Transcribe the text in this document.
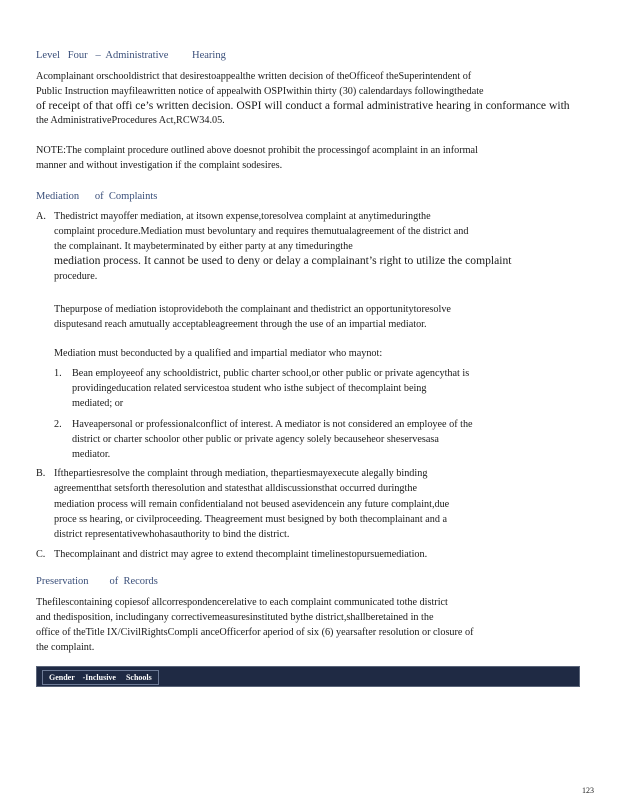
Level   Four   –  Administrative         Hearing
Acomplainant orschooldistrict that desirestoappealthe written decision of theOfficeof theSuperintendent of
Public Instruction mayfileawritten notice of appealwith OSPIwithin thirty (30) calendardays followingthedate
of receipt of that offi ce’s written decision. OSPI will conduct a formal administrative hearing in conformance with
the AdministrativeProcedures Act,RCW34.05.
NOTE:The complaint procedure outlined above doesnot prohibit the processingof acomplaint in an informal
manner and without investigation if the complaint sodesires.
Mediation      of  Complaints
A. Thedistrict mayoffer mediation, at itsown expense,toresolvea complaint at anytimeduringthe
complaint procedure.Mediation must bevoluntary and requires themutualagreement of the district and
the complainant. It maybeterminated by either party at any timeduringthe
mediation process. It cannot be used to deny or delay a complainant’s right to utilize the complaint
procedure.
Thepurpose of mediation istoprovideboth the complainant and thedistrict an opportunitytoresolve
disputesand reach amutually acceptableagreement through the use of an impartial mediator.
Mediation must beconducted by a qualified and impartial mediator who maynot:
1. Bean employeeof any schooldistrict, public charter school,or other public or private agencythat is
providingeducation related servicestoa student who isthe subject of thecomplaint being
mediated; or
2. Haveapersonal or professionalconflict of interest. A mediator is not considered an employee of the
district or charter schoolor other public or private agency solely becauseheor sheservesasa
mediator.
B. Ifthepartiesresolve the complaint through mediation, thepartiesmayexecute alegally binding
agreementthat setsforth theresolution and statesthat alldiscussionsthat occurred duringthe
mediation process will remain confidentialand not beused asevidencein any future complaint,due
proce ss hearing, or civilproceeding. Theagreement must besigned by both thecomplainant and a
district representativewhohasauthority to bind the district.
C. Thecomplainant and district may agree to extend thecomplaint timelinestopursuemediation.
Preservation        of  Records
Thefilescontaining copiesof allcorrespondencerelative to each complaint communicated tothe district
and thedisposition, includingany correctivemeasuresinstituted bythe district,shallberetained in the
office of theTitle IX/CivilRightsCompli anceOfficerfor aperiod of six (6) yearsafter resolution or closure of
the complaint.
Gender    -Inclusive     Schools
123
